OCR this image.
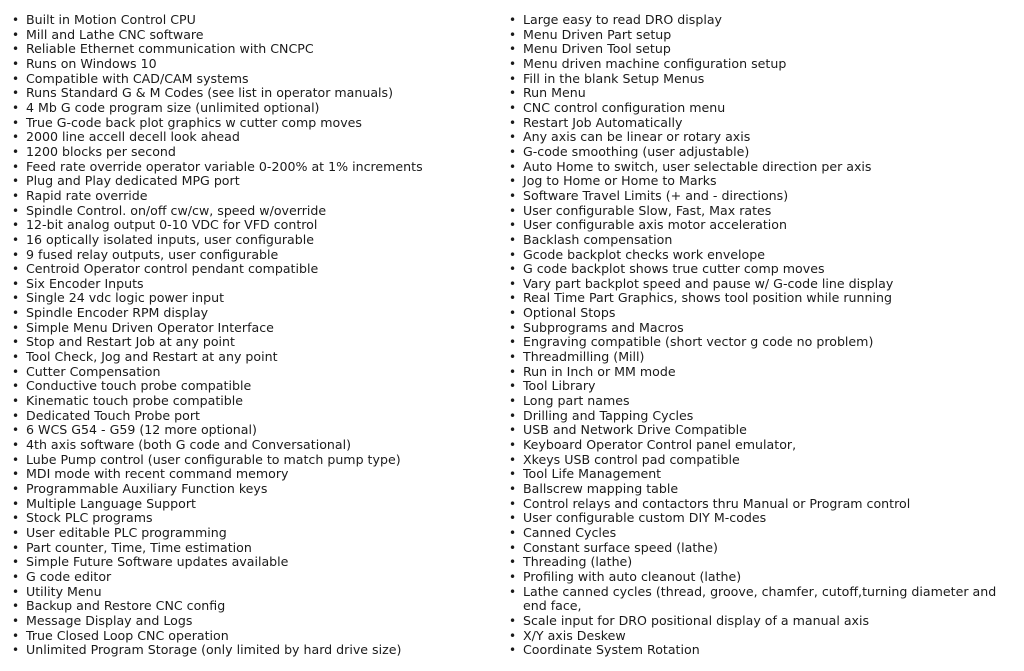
• Built in Motion Control CPU
• Mill and Lathe CNC software
• Reliable Ethernet communication with CNCPC
• Runs on Windows 10
• Compatible with CAD/CAM systems
• Runs Standard G & M Codes (see list in operator manuals)
• 4 Mb G code program size (unlimited optional)
• True G-code back plot graphics w cutter comp moves
• 2000 line accell decell look ahead
• 1200 blocks per second
• Feed rate override operator variable 0-200% at 1% increments
• Plug and Play dedicated MPG port
• Rapid rate override
• Spindle Control. on/off cw/cw, speed w/override
• 12-bit analog output 0-10 VDC for VFD control
• 16 optically isolated inputs, user configurable
• 9 fused relay outputs, user configurable
• Centroid Operator control pendant compatible
• Six Encoder Inputs
• Single 24 vdc logic power input
• Spindle Encoder RPM display
• Simple Menu Driven Operator Interface
• Stop and Restart Job at any point
• Tool Check, Jog and Restart at any point
• Cutter Compensation
• Conductive touch probe compatible
• Kinematic touch probe compatible
• Dedicated Touch Probe port
• 6 WCS G54 - G59 (12 more optional)
• 4th axis software (both G code and Conversational)
• Lube Pump control (user configurable to match pump type)
• MDI mode with recent command memory
• Programmable Auxiliary Function keys
• Multiple Language Support
• Stock PLC programs
• User editable PLC programming
• Part counter, Time, Time estimation
• Simple Future Software updates available
• G code editor
• Utility Menu
• Backup and Restore CNC config
• Message Display and Logs
• True Closed Loop CNC operation
• Unlimited Program Storage (only limited by hard drive size)
• Large easy to read DRO display
• Menu Driven Part setup
• Menu Driven Tool setup
• Menu driven machine configuration setup
• Fill in the blank Setup Menus
• Run Menu
• CNC control configuration menu
• Restart Job Automatically
• Any axis can be linear or rotary axis
• G-code smoothing (user adjustable)
• Auto Home to switch, user selectable direction per axis
• Jog to Home or Home to Marks
• Software Travel Limits (+ and - directions)
• User configurable Slow, Fast, Max rates
• User configurable axis motor acceleration
• Backlash compensation
• Gcode backplot checks work envelope
• G code backplot shows true cutter comp moves
• Vary part backplot speed and pause w/ G-code line display
• Real Time Part Graphics, shows tool position while running
• Optional Stops
• Subprograms and Macros
• Engraving compatible (short vector g code no problem)
• Threadmilling (Mill)
• Run in Inch or MM mode
• Tool Library
• Long part names
• Drilling and Tapping Cycles
• USB and Network Drive Compatible
• Keyboard Operator Control panel emulator,
• Xkeys USB control pad compatible
• Tool Life Management
• Ballscrew mapping table
• Control relays and contactors thru Manual or Program control
• User configurable custom DIY M-codes
• Canned Cycles
• Constant surface speed (lathe)
• Threading (lathe)
• Profiling with auto cleanout (lathe)
• Lathe canned cycles (thread, groove, chamfer, cutoff,turning diameter and end face,
• Scale input for DRO positional display of a manual axis
• X/Y axis Deskew
• Coordinate System Rotation
